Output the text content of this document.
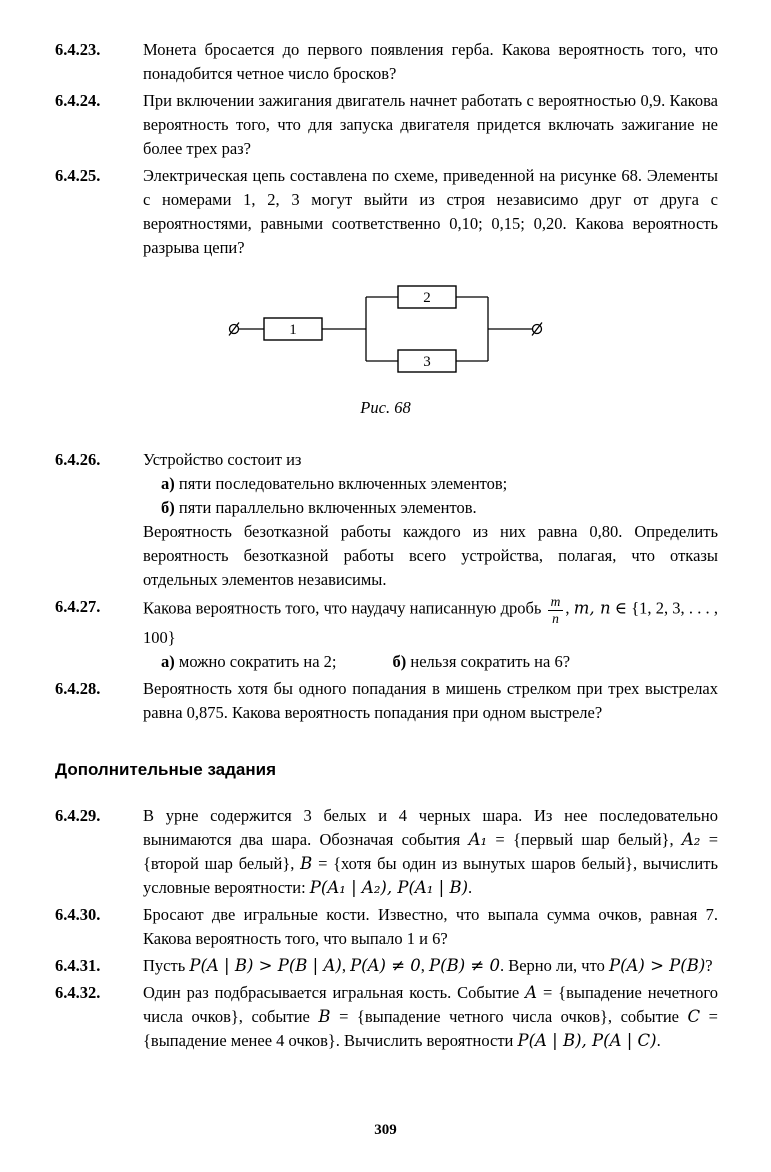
6.4.23.	Монета бросается до первого появления герба. Какова вероятность того, что понадобится четное число бросков?

6.4.24.	При включении зажигания двигатель начнет работать с вероятностью 0,9. Какова вероятность того, что для запуска двигателя придется включать зажигание не более трех раз?

6.4.25.	Электрическая цепь составлена по схеме, приведенной на рисунке 68. Элементы с номерами 1, 2, 3 могут выйти из строя независимо друг от друга с вероятностями, равными соответственно 0,10; 0,15; 0,20. Какова вероятность разрыва цепи?

1
2
3
Рис. 68
6.4.26.	Устройство состоит из

а) пяти последовательно включенных элементов;

б) пяти параллельно включенных элементов.

Вероятность безотказной работы каждого из них равна 0,80. Определить вероятность безотказной работы всего устройства, полагая, что отказы отдельных элементов независимы.

6.4.27.	Какова вероятность того, что наудачу написанную дробь $\frac{m}{n}$ , m, n ∈ {1, 2, 3, . . . , 100}

а) можно сократить на 2;	б) нельзя сократить на 6?

6.4.28.	Вероятность хотя бы одного попадания в мишень стрелком при трех выстрелах равна 0,875. Какова вероятность попадания при одном выстреле?

Дополнительные задания
6.4.29.	В урне содержится 3 белых и 4 черных шара. Из нее последовательно вынимаются два шара. Обозначая события A₁ = {первый шар белый}, A₂ = {второй шар белый}, B = {хотя бы один из вынутых шаров белый}, вычислить условные вероятности: P(A₁ | A₂), P(A₁ | B).

6.4.30.	Бросают две игральные кости. Известно, что выпала сумма очков, равная 7. Какова вероятность того, что выпало 1 и 6?

6.4.31.	Пусть P(A | B) > P(B | A), P(A) ≠ 0, P(B) ≠ 0. Верно ли, что P(A) > P(B)?

6.4.32.	Один раз подбрасывается игральная кость. Событие A = {выпадение нечетного числа очков}, событие B = {выпадение четного числа очков}, событие C = {выпадение менее 4 очков}. Вычислить вероятности P(A | B), P(A | C).

309
